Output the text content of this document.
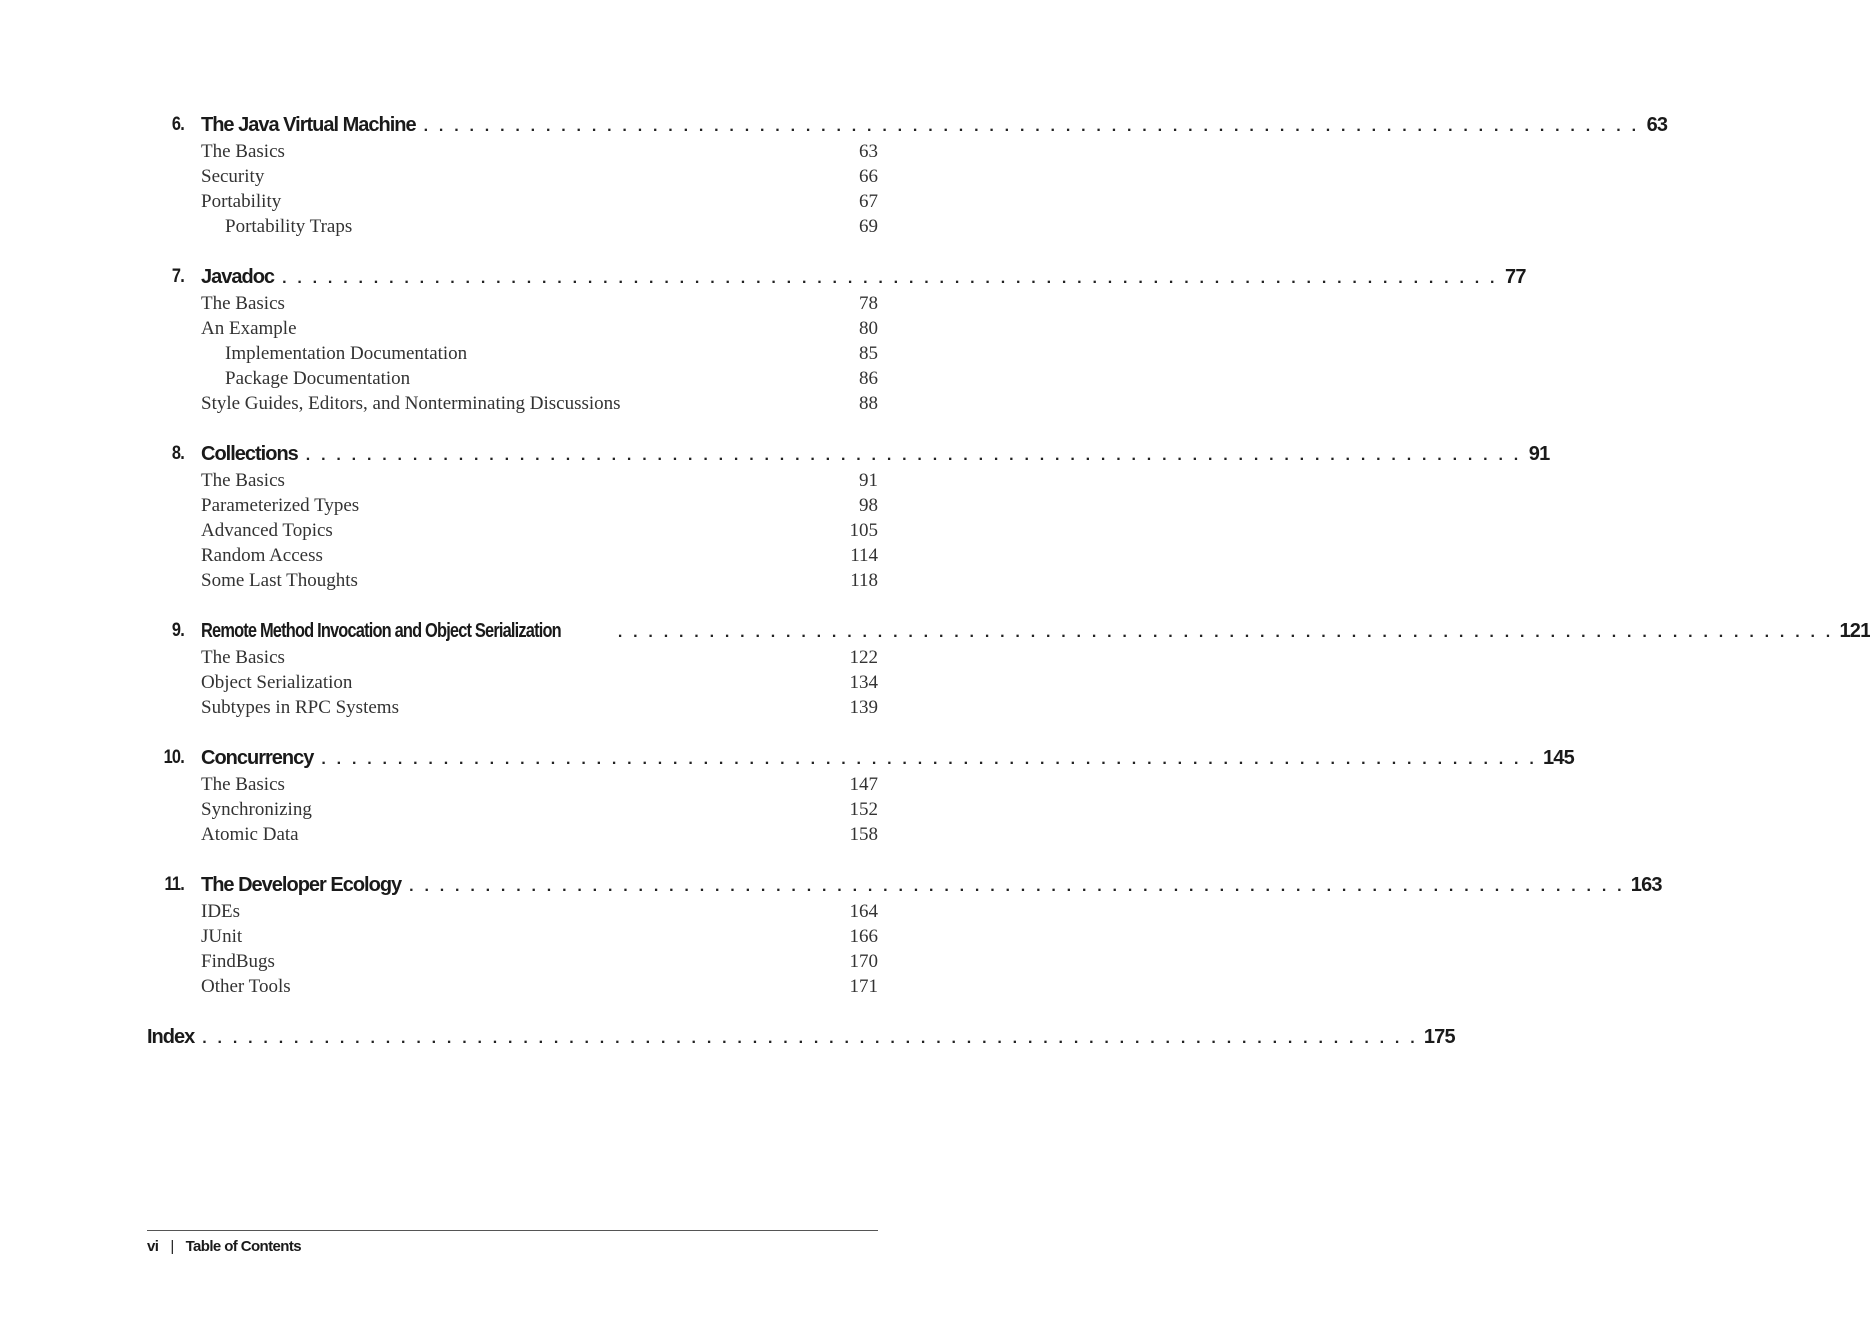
6. The Java Virtual Machine . . . . . . . . . . . . . . . . . . . . . . . . . . . . . . . . . . . . . . . . . . . . . . . . . . . . . . . . . . . . . . . . . . . . . . . . . . . . . . . . 63
The Basics	63
Security	66
Portability	67
Portability Traps	69
7. Javadoc . . . . . . . . . . . . . . . . . . . . . . . . . . . . . . . . . . . . . . . . . . . . . . . . . . . . . . . . . . . . . . . . . . . . . . . . . . . . . . . . 77
The Basics	78
An Example	80
Implementation Documentation	85
Package Documentation	86
Style Guides, Editors, and Nonterminating Discussions	88
8. Collections . . . . . . . . . . . . . . . . . . . . . . . . . . . . . . . . . . . . . . . . . . . . . . . . . . . . . . . . . . . . . . . . . . . . . . . . . . . . . . . . 91
The Basics	91
Parameterized Types	98
Advanced Topics	105
Random Access	114
Some Last Thoughts	118
9. Remote Method Invocation and Object Serialization	. . . . . . . . . . . . . . . . . . . . . . . . . . . . . . . . . . . . . . . . . . . . . . . . . . . . . . . . . . . . . . . . . . . . . . . . . . . . . . . . 121
The Basics	122
Object Serialization	134
Subtypes in RPC Systems	139
10. Concurrency . . . . . . . . . . . . . . . . . . . . . . . . . . . . . . . . . . . . . . . . . . . . . . . . . . . . . . . . . . . . . . . . . . . . . . . . . . . . . . . . 145
The Basics	147
Synchronizing	152
Atomic Data	158
11. The Developer Ecology . . . . . . . . . . . . . . . . . . . . . . . . . . . . . . . . . . . . . . . . . . . . . . . . . . . . . . . . . . . . . . . . . . . . . . . . . . . . . . . . 163
IDEs	164
JUnit	166
FindBugs	170
Other Tools	171
Index . . . . . . . . . . . . . . . . . . . . . . . . . . . . . . . . . . . . . . . . . . . . . . . . . . . . . . . . . . . . . . . . . . . . . . . . . . . . . . . . 175
vi | Table of Contents
